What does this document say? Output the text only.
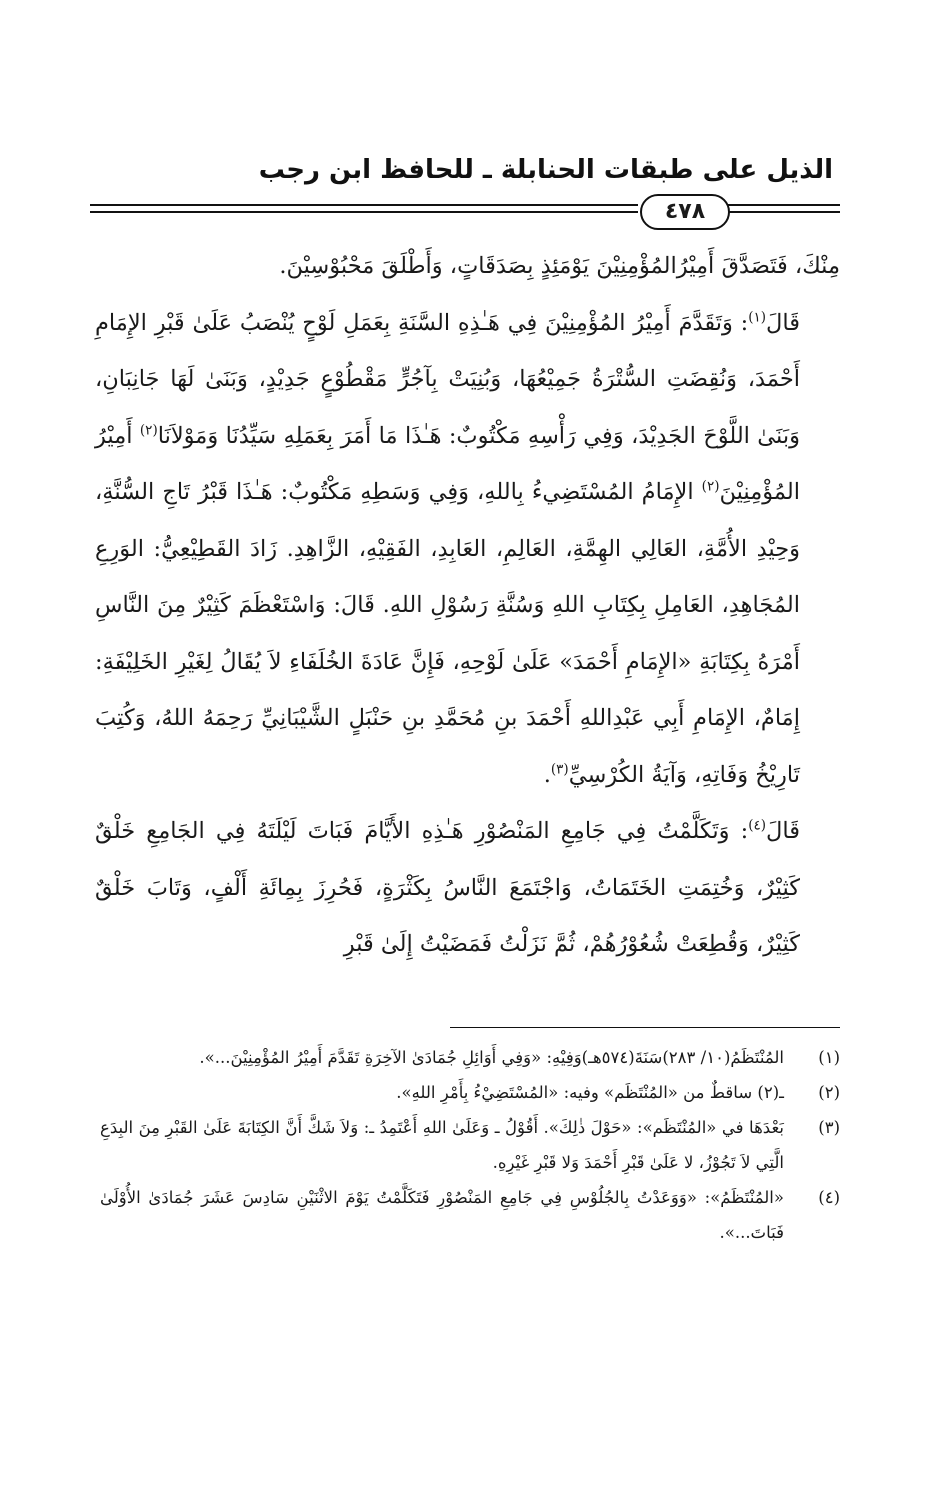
الذيل على طبقات الحنابلة ـ للحافظ ابن رجب
٤٧٨

مِنْكَ، فَتَصَدَّقَ أَمِيْرُالمُؤْمِنِيْنَ يَوْمَئِذٍ بِصَدَقَاتٍ، وَأَطْلَقَ مَحْبُوْسِيْنَ.

قَالَ$^{(١)}$: وَتَقَدَّمَ أَمِيْرُ المُؤْمِنِيْنَ فِي هَـٰذِهِ السَّنَةِ بِعَمَلِ لَوْحٍ يُنْصَبُ عَلَىٰ قَبْرِ الإِمَامِ أَحْمَدَ، وَنُقِضَتِ السُّتْرَةُ جَمِيْعُهَا، وَبُنِيَتْ بِآجُرٍّ مَقْطُوْعٍ جَدِيْدٍ، وَبَنَىٰ لَهَا جَانِبَانِ، وَبَنَىٰ اللَّوْحَ الجَدِيْدَ، وَفِي رَأْسِهِ مَكْتُوبٌ: هَـٰذَا مَا أَمَرَ بِعَمَلِهِ سَيِّدُنَا وَمَوْلاَنَا$^{(٢)}$ أَمِيْرُ المُؤْمِنِيْنَ$^{(٢)}$ الإِمَامُ المُسْتَضِيءُ بِاللهِ، وَفِي وَسَطِهِ مَكْتُوبٌ: هَـٰذَا قَبْرُ تَاجِ السُّنَّةِ، وَحِيْدِ الأُمَّةِ، العَالِي الهِمَّةِ، العَالِمِ، العَابِدِ، الفَقِيْهِ، الزَّاهِدِ. زَادَ القَطِيْعِيُّ: الوَرِعِ المُجَاهِدِ، العَامِلِ بِكِتَابِ اللهِ وَسُنَّةِ رَسُوْلِ اللهِ. قَالَ: وَاسْتَعْظَمَ كَثِيْرٌ مِنَ النَّاسِ أَمْرَهُ بِكِتَابَةِ «الإِمَامِ أَحْمَدَ» عَلَىٰ لَوْحِهِ، فَإِنَّ عَادَةَ الخُلَفَاءِ لاَ يُقَالُ لِغَيْرِ الخَلِيْفَةِ: إِمَامٌ، الإِمَامِ أَبِي عَبْدِاللهِ أَحْمَدَ بنِ مُحَمَّدِ بنِ حَنْبَلٍ الشَّيْبَانِيِّ رَحِمَهُ اللهُ، وَكُتِبَ تَارِيْخُ وَفَاتِهِ، وَآيَةُ الكُرْسِيِّ$^{(٣)}$.

قَالَ$^{(٤)}$: وَتَكَلَّمْتُ فِي جَامِعِ المَنْصُوْرِ هَـٰذِهِ الأَيَّامَ فَبَاتَ لَيْلَتَهُ فِي الجَامِعِ خَلْقٌ كَثِيْرٌ، وَخُتِمَتِ الخَتَمَاتُ، وَاجْتَمَعَ النَّاسُ بِكَثْرَةٍ، فَحُرِزَ بِمِائَةِ أَلْفٍ، وَتَابَ خَلْقٌ كَثِيْرٌ، وَقُطِعَتْ شُعُوْرُهُمْ، ثُمَّ نَزَلْتُ فَمَضَيْتُ إِلَىٰ قَبْرِ

(١)
المُنْتَظَمُ(١٠/ ٢٨٣)سَنَةَ(٥٧٤هـ)وَفِيْهِ: «وَفِي أَوَائِلِ جُمَادَىٰ الآخِرَةِ تَقَدَّمَ أَمِيْرُ المُؤْمِنِيْنَ...».
(٢)
ـ(٢) ساقطٌ من «المُنْتَظَم» وفيه: «المُسْتَضِيْءُ بِأَمْرِ اللهِ».
(٣)
بَعْدَهَا في «المُنْتَظَم»: «حَوْلَ ذٰلِكَ». أَقُوْلُ ـ وَعَلَىٰ اللهِ أَعْتَمِدُ ـ: وَلاَ شَكَّ أَنَّ الكِتَابَةَ عَلَىٰ القَبْرِ مِنَ البِدَعِ الَّتِي لاَ تَجُوْزُ، لا عَلَىٰ قَبْرِ أَحْمَدَ وَلا قَبْرِ غَيْرِهِ.
(٤)
«المُنْتَظَمُ»: «وَوَعَدْتُ بِالجُلُوْسِ فِي جَامِعِ المَنْصُوْرِ فَتَكَلَّمْتُ يَوْمَ الاثْنَيْنِ سَادِسَ عَشَرَ جُمَادَىٰ الأُوْلَىٰ فَبَاتَ...».
